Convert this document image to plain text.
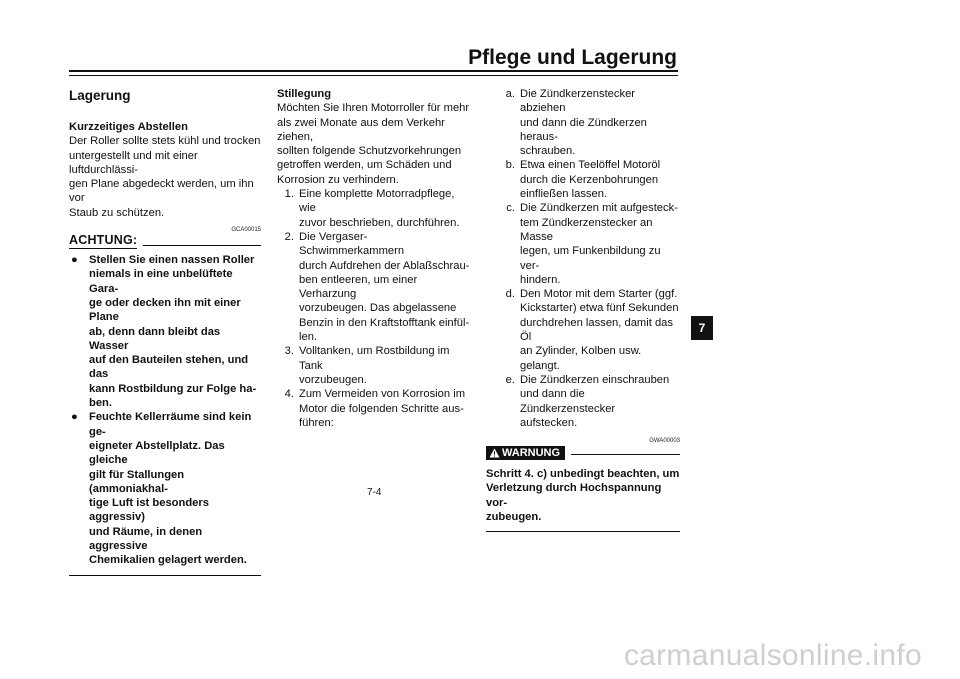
Pflege und Lagerung
7
Lagerung

Kurzzeitiges Abstellen

Der Roller sollte stets kühl und trocken

untergestellt und mit einer luftdurchlässi-

gen Plane abgedeckt werden, um ihn vor

Staub zu schützen.

GCA00015
ACHTUNG:
●	Stellen Sie einen nassen Roller

niemals in eine unbelüftete Gara-

ge oder decken ihn mit einer Plane

ab, denn dann bleibt das Wasser

auf den Bauteilen stehen, und das

kann Rostbildung zur Folge ha-

ben.

●	Feuchte Kellerräume sind kein ge-

eigneter Abstellplatz. Das gleiche

gilt für Stallungen (ammoniakhal-

tige Luft ist besonders aggressiv)

und Räume, in denen aggressive

Chemikalien gelagert werden.

Stillegung

Möchten Sie Ihren Motorroller für mehr

als zwei Monate aus dem Verkehr ziehen,

sollten folgende Schutzvorkehrungen

getroffen werden, um Schäden und

Korrosion zu verhindern.

1. Eine komplette Motorradpflege, wie

zuvor beschrieben, durchführen.

2. Die Vergaser-Schwimmerkammern

durch Aufdrehen der Ablaßschrau-

ben entleeren, um einer Verharzung

vorzubeugen. Das abgelassene

Benzin in den Kraftstofftank einfül-

len.

3. Volltanken, um Rostbildung im Tank

vorzubeugen.

4. Zum Vermeiden von Korrosion im

Motor die folgenden Schritte aus-

führen:

a. Die Zündkerzenstecker abziehen

und dann die Zündkerzen heraus-

schrauben.

b. Etwa einen Teelöffel Motoröl

durch die Kerzenbohrungen

einfließen lassen.

c. Die Zündkerzen mit aufgesteck-

tem Zündkerzenstecker an Masse

legen, um Funkenbildung zu ver-

hindern.

d. Den Motor mit dem Starter (ggf.

Kickstarter) etwa fünf Sekunden

durchdrehen lassen, damit das Öl

an Zylinder, Kolben usw. gelangt.

e. Die Zündkerzen einschrauben

und dann die Zündkerzenstecker

aufstecken.

GWA00003
WARNUNG

Schritt 4. c) unbedingt beachten, um

Verletzung durch Hochspannung vor-

zubeugen.

7-4
carmanualsonline.info
